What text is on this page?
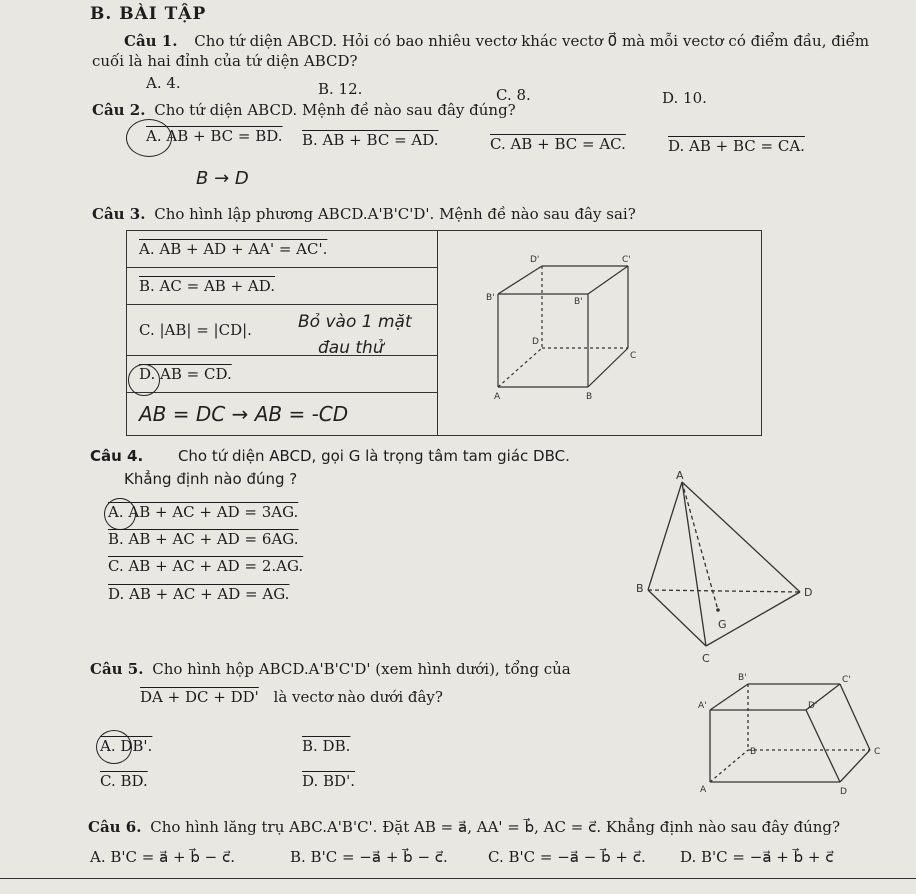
B. BÀI TẬP
Câu 1. Cho tứ diện ABCD. Hỏi có bao nhiêu vectơ khác vectơ 0⃗ mà mỗi vectơ có điểm đầu, điểm
cuối là hai đỉnh của tứ diện ABCD?
A. 4.	B. 12.	C. 8.	D. 10.
Câu 2. Cho tứ diện ABCD. Mệnh đề nào sau đây đúng?
A. AB + BC = BD. B. AB + BC = AD.	C. AB + BC = AC.	D. AB + BC = CA.
B → D
Câu 3. Cho hình lập phương ABCD.A'B'C'D'. Mệnh đề nào sau đây sai?
A. AB + AD + AA' = AC'.	
B. AC = AB + AD.
C. |AB| = |CD|.
D. AB = CD.
AB = DC → AB = -CD
Bỏ vào 1 mặt
đau thử
D'	C'
B'	B'
D
C
A	B
Câu 4. Cho tứ diện ABCD, gọi G là trọng tâm tam giác DBC.
Khẳng định nào đúng ?
A. AB + AC + AD = 3AG.
B. AB + AC + AD = 6AG.
C. AB + AC + AD = 2.AG.
D. AB + AC + AD = AG.
A
B	D
G
C
Câu 5. Cho hình hộp ABCD.A'B'C'D' (xem hình dưới), tổng của
DA + DC + DD' là vectơ nào dưới đây?
A. DB'.	B. DB.
C. BD.	D. BD'.
B'	C'
A'	D'
B	C
A	D
Câu 6. Cho hình lăng trụ ABC.A'B'C'. Đặt AB = a⃗, AA' = b⃗, AC = c⃗. Khẳng định nào sau đây đúng?
A. B'C = a⃗ + b⃗ − c⃗.	B. B'C = −a⃗ + b⃗ − c⃗.	C. B'C = −a⃗ − b⃗ + c⃗. D. B'C = −a⃗ + b⃗ + c⃗
